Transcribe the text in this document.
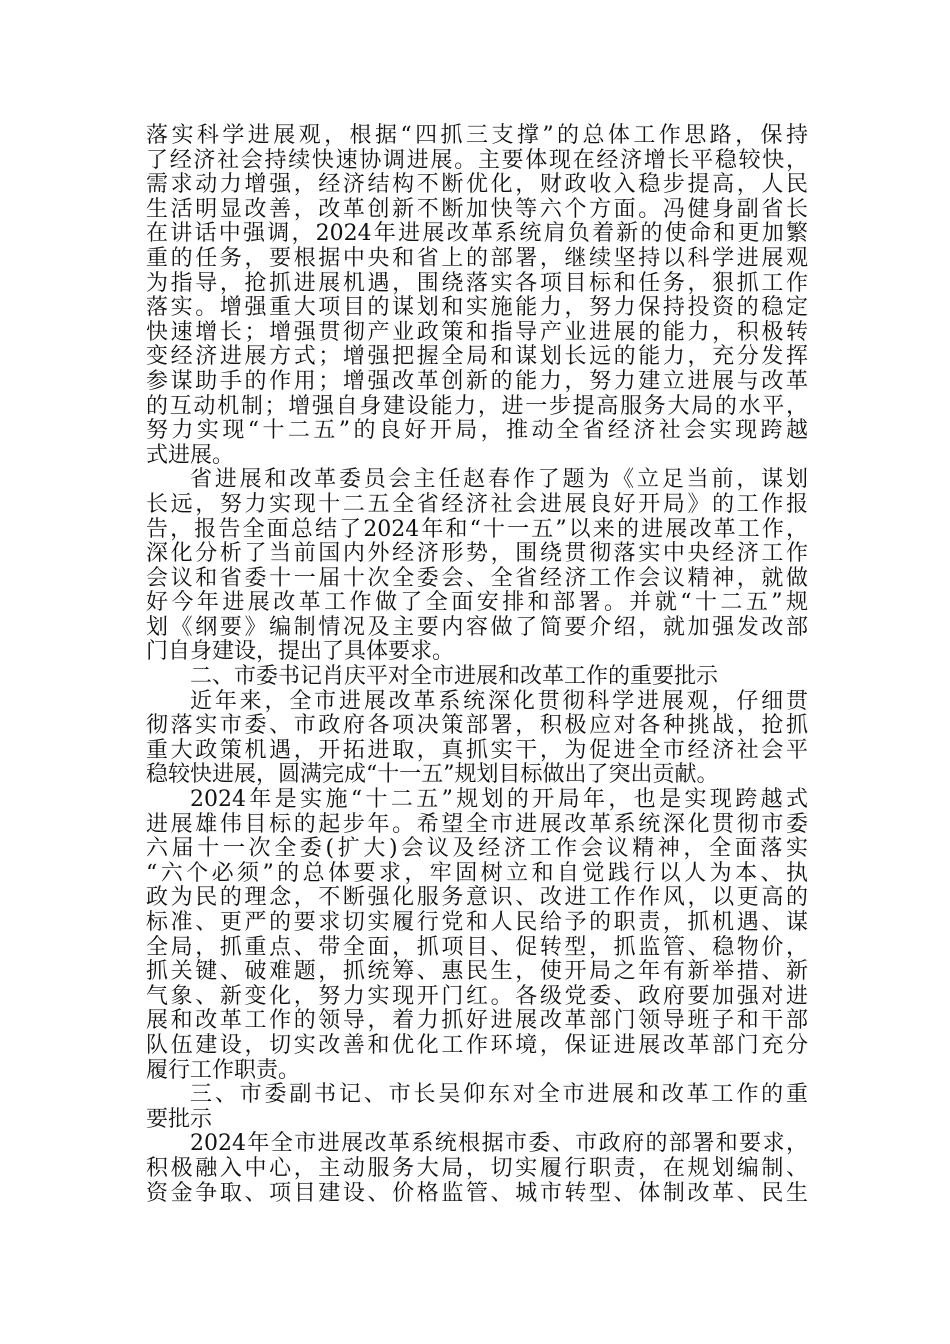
落实科学进展观，根据“四抓三支撑”的总体工作思路，保持
了经济社会持续快速协调进展。主要体现在经济增长平稳较快，
需求动力增强，经济结构不断优化，财政收入稳步提高，人民
生活明显改善，改革创新不断加快等六个方面。冯健身副省长
在讲话中强调，2024年进展改革系统肩负着新的使命和更加繁
重的任务，要根据中央和省上的部署，继续坚持以科学进展观
为指导，抢抓进展机遇，围绕落实各项目标和任务，狠抓工作
落实。增强重大项目的谋划和实施能力，努力保持投资的稳定
快速增长；增强贯彻产业政策和指导产业进展的能力，积极转
变经济进展方式；增强把握全局和谋划长远的能力，充分发挥
参谋助手的作用；增强改革创新的能力，努力建立进展与改革
的互动机制；增强自身建设能力，进一步提高服务大局的水平，
努力实现“十二五”的良好开局，推动全省经济社会实现跨越
式进展。
省进展和改革委员会主任赵春作了题为《立足当前，谋划
长远，努力实现十二五全省经济社会进展良好开局》的工作报
告，报告全面总结了2024年和“十一五”以来的进展改革工作，
深化分析了当前国内外经济形势，围绕贯彻落实中央经济工作
会议和省委十一届十次全委会、全省经济工作会议精神，就做
好今年进展改革工作做了全面安排和部署。并就“十二五”规
划《纲要》编制情况及主要内容做了简要介绍，就加强发改部
门自身建设，提出了具体要求。
二、市委书记肖庆平对全市进展和改革工作的重要批示
近年来，全市进展改革系统深化贯彻科学进展观，仔细贯
彻落实市委、市政府各项决策部署，积极应对各种挑战，抢抓
重大政策机遇，开拓进取，真抓实干，为促进全市经济社会平
稳较快进展，圆满完成“十一五”规划目标做出了突出贡献。
2024年是实施“十二五”规划的开局年，也是实现跨越式
进展雄伟目标的起步年。希望全市进展改革系统深化贯彻市委
六届十一次全委(扩大)会议及经济工作会议精神，全面落实
“六个必须”的总体要求，牢固树立和自觉践行以人为本、执
政为民的理念，不断强化服务意识、改进工作作风，以更高的
标准、更严的要求切实履行党和人民给予的职责，抓机遇、谋
全局，抓重点、带全面，抓项目、促转型，抓监管、稳物价，
抓关键、破难题，抓统筹、惠民生，使开局之年有新举措、新
气象、新变化，努力实现开门红。各级党委、政府要加强对进
展和改革工作的领导，着力抓好进展改革部门领导班子和干部
队伍建设，切实改善和优化工作环境，保证进展改革部门充分
履行工作职责。
三、市委副书记、市长吴仰东对全市进展和改革工作的重
要批示
2024年全市进展改革系统根据市委、市政府的部署和要求，
积极融入中心，主动服务大局，切实履行职责，在规划编制、
资金争取、项目建设、价格监管、城市转型、体制改革、民生
